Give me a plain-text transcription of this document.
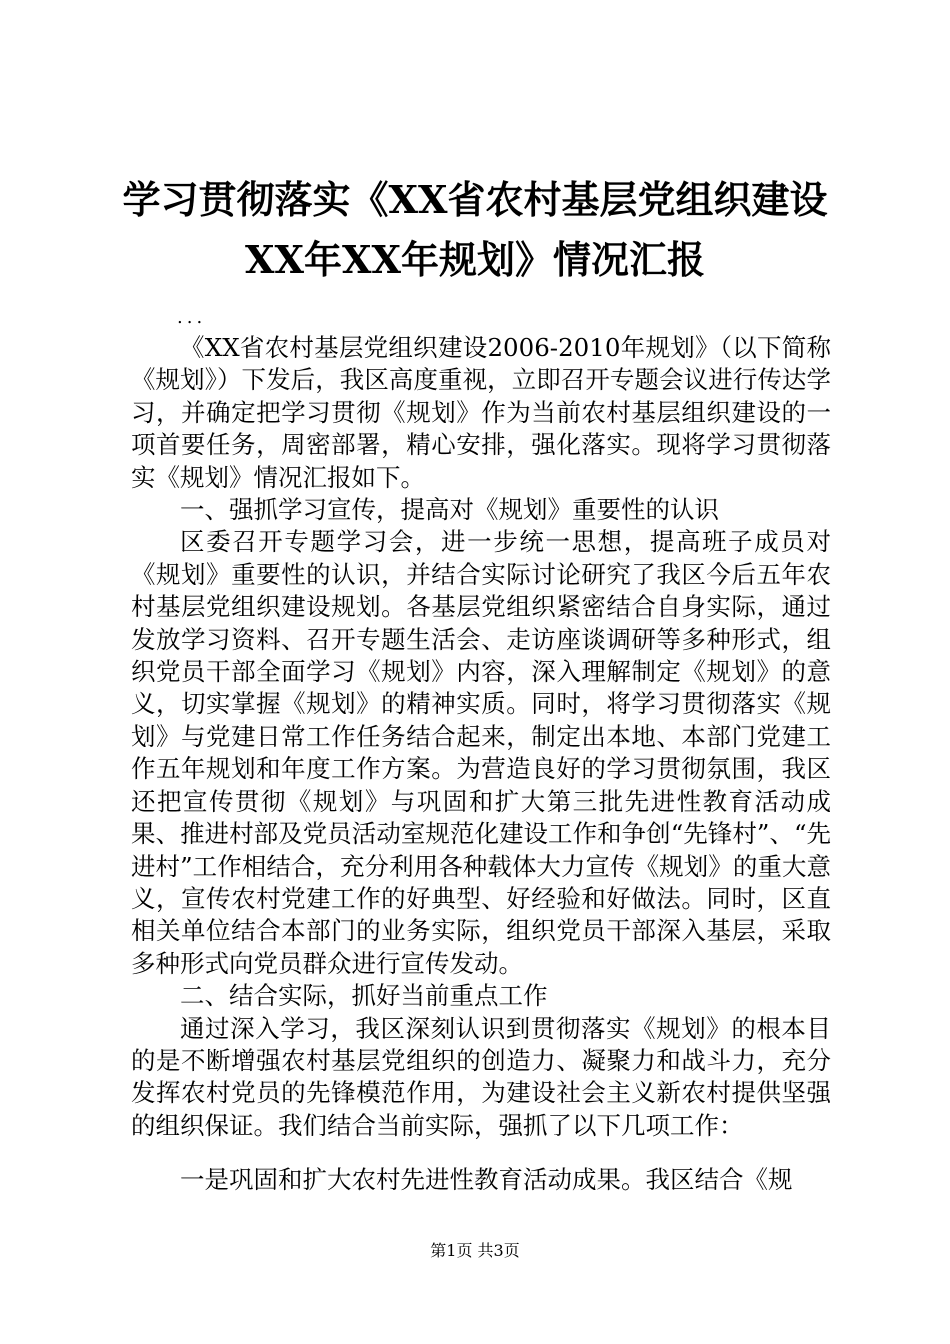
学习贯彻落实《XX省农村基层党组织建设XX年XX年规划》情况汇报

...

《XX省农村基层党组织建设2006-2010年规划》（以下简称《规划》）下发后，我区高度重视，立即召开专题会议进行传达学习，并确定把学习贯彻《规划》作为当前农村基层组织建设的一项首要任务，周密部署，精心安排，强化落实。现将学习贯彻落实《规划》情况汇报如下。

一、强抓学习宣传，提高对《规划》重要性的认识

区委召开专题学习会，进一步统一思想，提高班子成员对《规划》重要性的认识，并结合实际讨论研究了我区今后五年农村基层党组织建设规划。各基层党组织紧密结合自身实际，通过发放学习资料、召开专题生活会、走访座谈调研等多种形式，组织党员干部全面学习《规划》内容，深入理解制定《规划》的意义，切实掌握《规划》的精神实质。同时，将学习贯彻落实《规划》与党建日常工作任务结合起来，制定出本地、本部门党建工作五年规划和年度工作方案。为营造良好的学习贯彻氛围，我区还把宣传贯彻《规划》与巩固和扩大第三批先进性教育活动成果、推进村部及党员活动室规范化建设工作和争创“先锋村”、“先进村”工作相结合，充分利用各种载体大力宣传《规划》的重大意义，宣传农村党建工作的好典型、好经验和好做法。同时，区直相关单位结合本部门的业务实际，组织党员干部深入基层，采取多种形式向党员群众进行宣传发动。

二、结合实际，抓好当前重点工作

通过深入学习，我区深刻认识到贯彻落实《规划》的根本目的是不断增强农村基层党组织的创造力、凝聚力和战斗力，充分发挥农村党员的先锋模范作用，为建设社会主义新农村提供坚强的组织保证。我们结合当前实际，强抓了以下几项工作：

一是巩固和扩大农村先进性教育活动成果。我区结合《规

第1页 共3页
